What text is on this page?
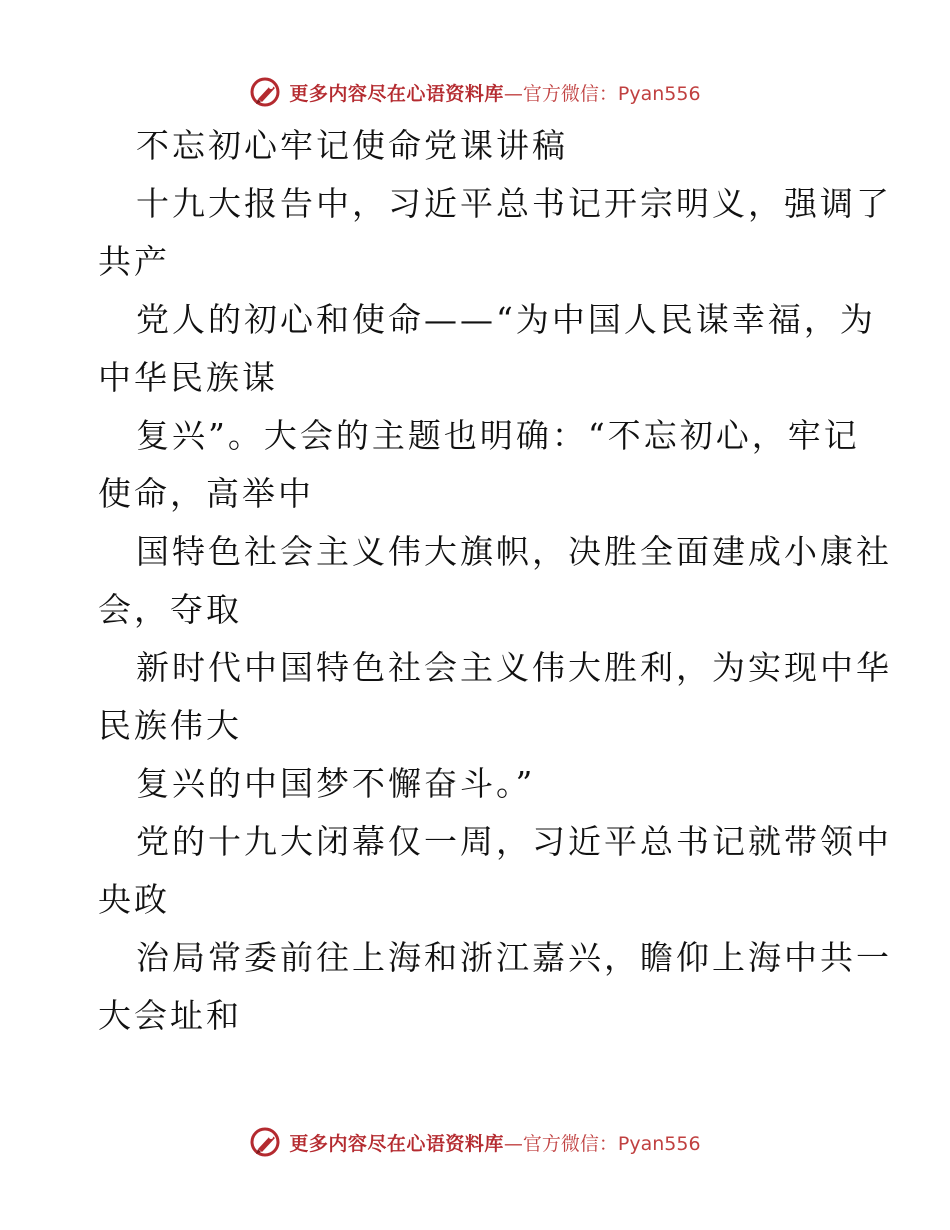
更多内容尽在心语资料库 —官方微信：Pyan556
不忘初心牢记使命党课讲稿
十九大报告中，习近平总书记开宗明义，强调了
共产
党人的初心和使命——“为中国人民谋幸福，为
中华民族谋
复兴”。大会的主题也明确：“不忘初心，牢记
使命，高举中
国特色社会主义伟大旗帜，决胜全面建成小康社
会，夺取
新时代中国特色社会主义伟大胜利，为实现中华
民族伟大
复兴的中国梦不懈奋斗。”
党的十九大闭幕仅一周，习近平总书记就带领中
央政
治局常委前往上海和浙江嘉兴，瞻仰上海中共一
大会址和
更多内容尽在心语资料库 —官方微信：Pyan556
